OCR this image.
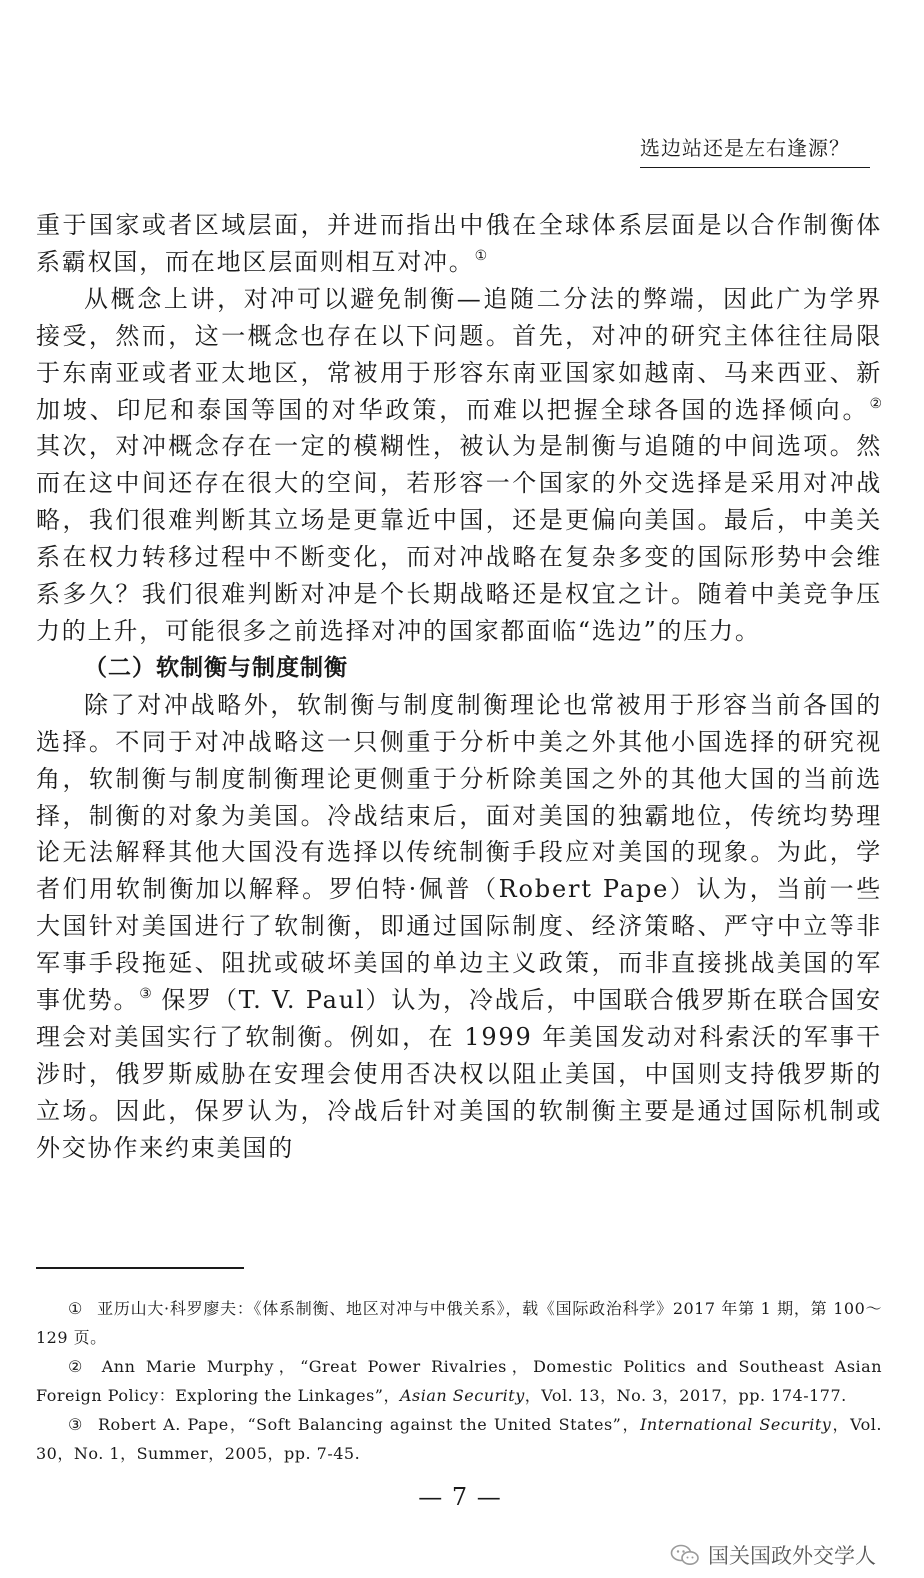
选边站还是左右逢源？

重于国家或者区域层面，并进而指出中俄在全球体系层面是以合作制衡体系霸权国，而在地区层面则相互对冲。①

从概念上讲，对冲可以避免制衡—追随二分法的弊端，因此广为学界接受，然而，这一概念也存在以下问题。首先，对冲的研究主体往往局限于东南亚或者亚太地区，常被用于形容东南亚国家如越南、马来西亚、新加坡、印尼和泰国等国的对华政策，而难以把握全球各国的选择倾向。② 其次，对冲概念存在一定的模糊性，被认为是制衡与追随的中间选项。然而在这中间还存在很大的空间，若形容一个国家的外交选择是采用对冲战略，我们很难判断其立场是更靠近中国，还是更偏向美国。最后，中美关系在权力转移过程中不断变化，而对冲战略在复杂多变的国际形势中会维系多久？我们很难判断对冲是个长期战略还是权宜之计。随着中美竞争压力的上升，可能很多之前选择对冲的国家都面临“选边”的压力。

（二）软制衡与制度制衡

除了对冲战略外，软制衡与制度制衡理论也常被用于形容当前各国的选择。不同于对冲战略这一只侧重于分析中美之外其他小国选择的研究视角，软制衡与制度制衡理论更侧重于分析除美国之外的其他大国的当前选择，制衡的对象为美国。冷战结束后，面对美国的独霸地位，传统均势理论无法解释其他大国没有选择以传统制衡手段应对美国的现象。为此，学者们用软制衡加以解释。罗伯特·佩普（Robert Pape）认为，当前一些大国针对美国进行了软制衡，即通过国际制度、经济策略、严守中立等非军事手段拖延、阻扰或破坏美国的单边主义政策，而非直接挑战美国的军事优势。③ 保罗（T. V. Paul）认为，冷战后，中国联合俄罗斯在联合国安理会对美国实行了软制衡。例如，在 1999 年美国发动对科索沃的军事干涉时，俄罗斯威胁在安理会使用否决权以阻止美国，中国则支持俄罗斯的立场。因此，保罗认为，冷战后针对美国的软制衡主要是通过国际机制或外交协作来约束美国的

① 亚历山大·科罗廖夫：《体系制衡、地区对冲与中俄关系》，载《国际政治科学》2017 年第 1 期，第 100～129 页。

② Ann Marie Murphy，“Great Power Rivalries，Domestic Politics and Southeast Asian Foreign Policy：Exploring the Linkages”，Asian Security，Vol. 13，No. 3，2017，pp. 174-177.

③ Robert A. Pape，“Soft Balancing against the United States”，International Security，Vol. 30，No. 1，Summer，2005，pp. 7-45.

— 7 —
国关国政外交学人
